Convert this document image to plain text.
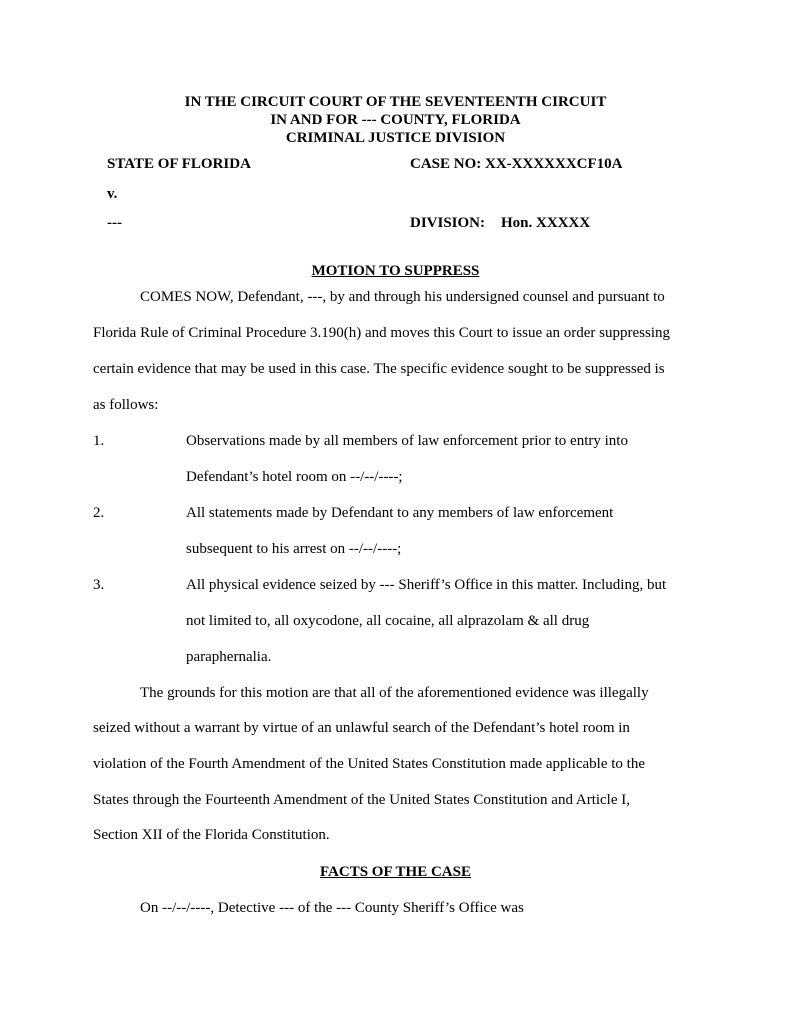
IN THE CIRCUIT COURT OF THE SEVENTEENTH CIRCUIT
IN AND FOR --- COUNTY, FLORIDA
CRIMINAL JUSTICE DIVISION
STATE OF FLORIDA	CASE NO: XX-XXXXXXCF10A
v.
---	DIVISION: Hon. XXXXX
MOTION TO SUPPRESS
COMES NOW, Defendant, ---, by and through his undersigned counsel and pursuant to
Florida Rule of Criminal Procedure 3.190(h) and moves this Court to issue an order suppressing
certain evidence that may be used in this case. The specific evidence sought to be suppressed is
as follows:
1.	Observations made by all members of law enforcement prior to entry into
Defendant’s hotel room on --/--/----;
2.	All statements made by Defendant to any members of law enforcement
subsequent to his arrest on --/--/----;
3.	All physical evidence seized by --- Sheriff’s Office in this matter. Including, but
not limited to, all oxycodone, all cocaine, all alprazolam & all drug
paraphernalia.
The grounds for this motion are that all of the aforementioned evidence was illegally
seized without a warrant by virtue of an unlawful search of the Defendant’s hotel room in
violation of the Fourth Amendment of the United States Constitution made applicable to the
States through the Fourteenth Amendment of the United States Constitution and Article I,
Section XII of the Florida Constitution.
FACTS OF THE CASE
On --/--/----, Detective --- of the --- County Sheriff’s Office was
